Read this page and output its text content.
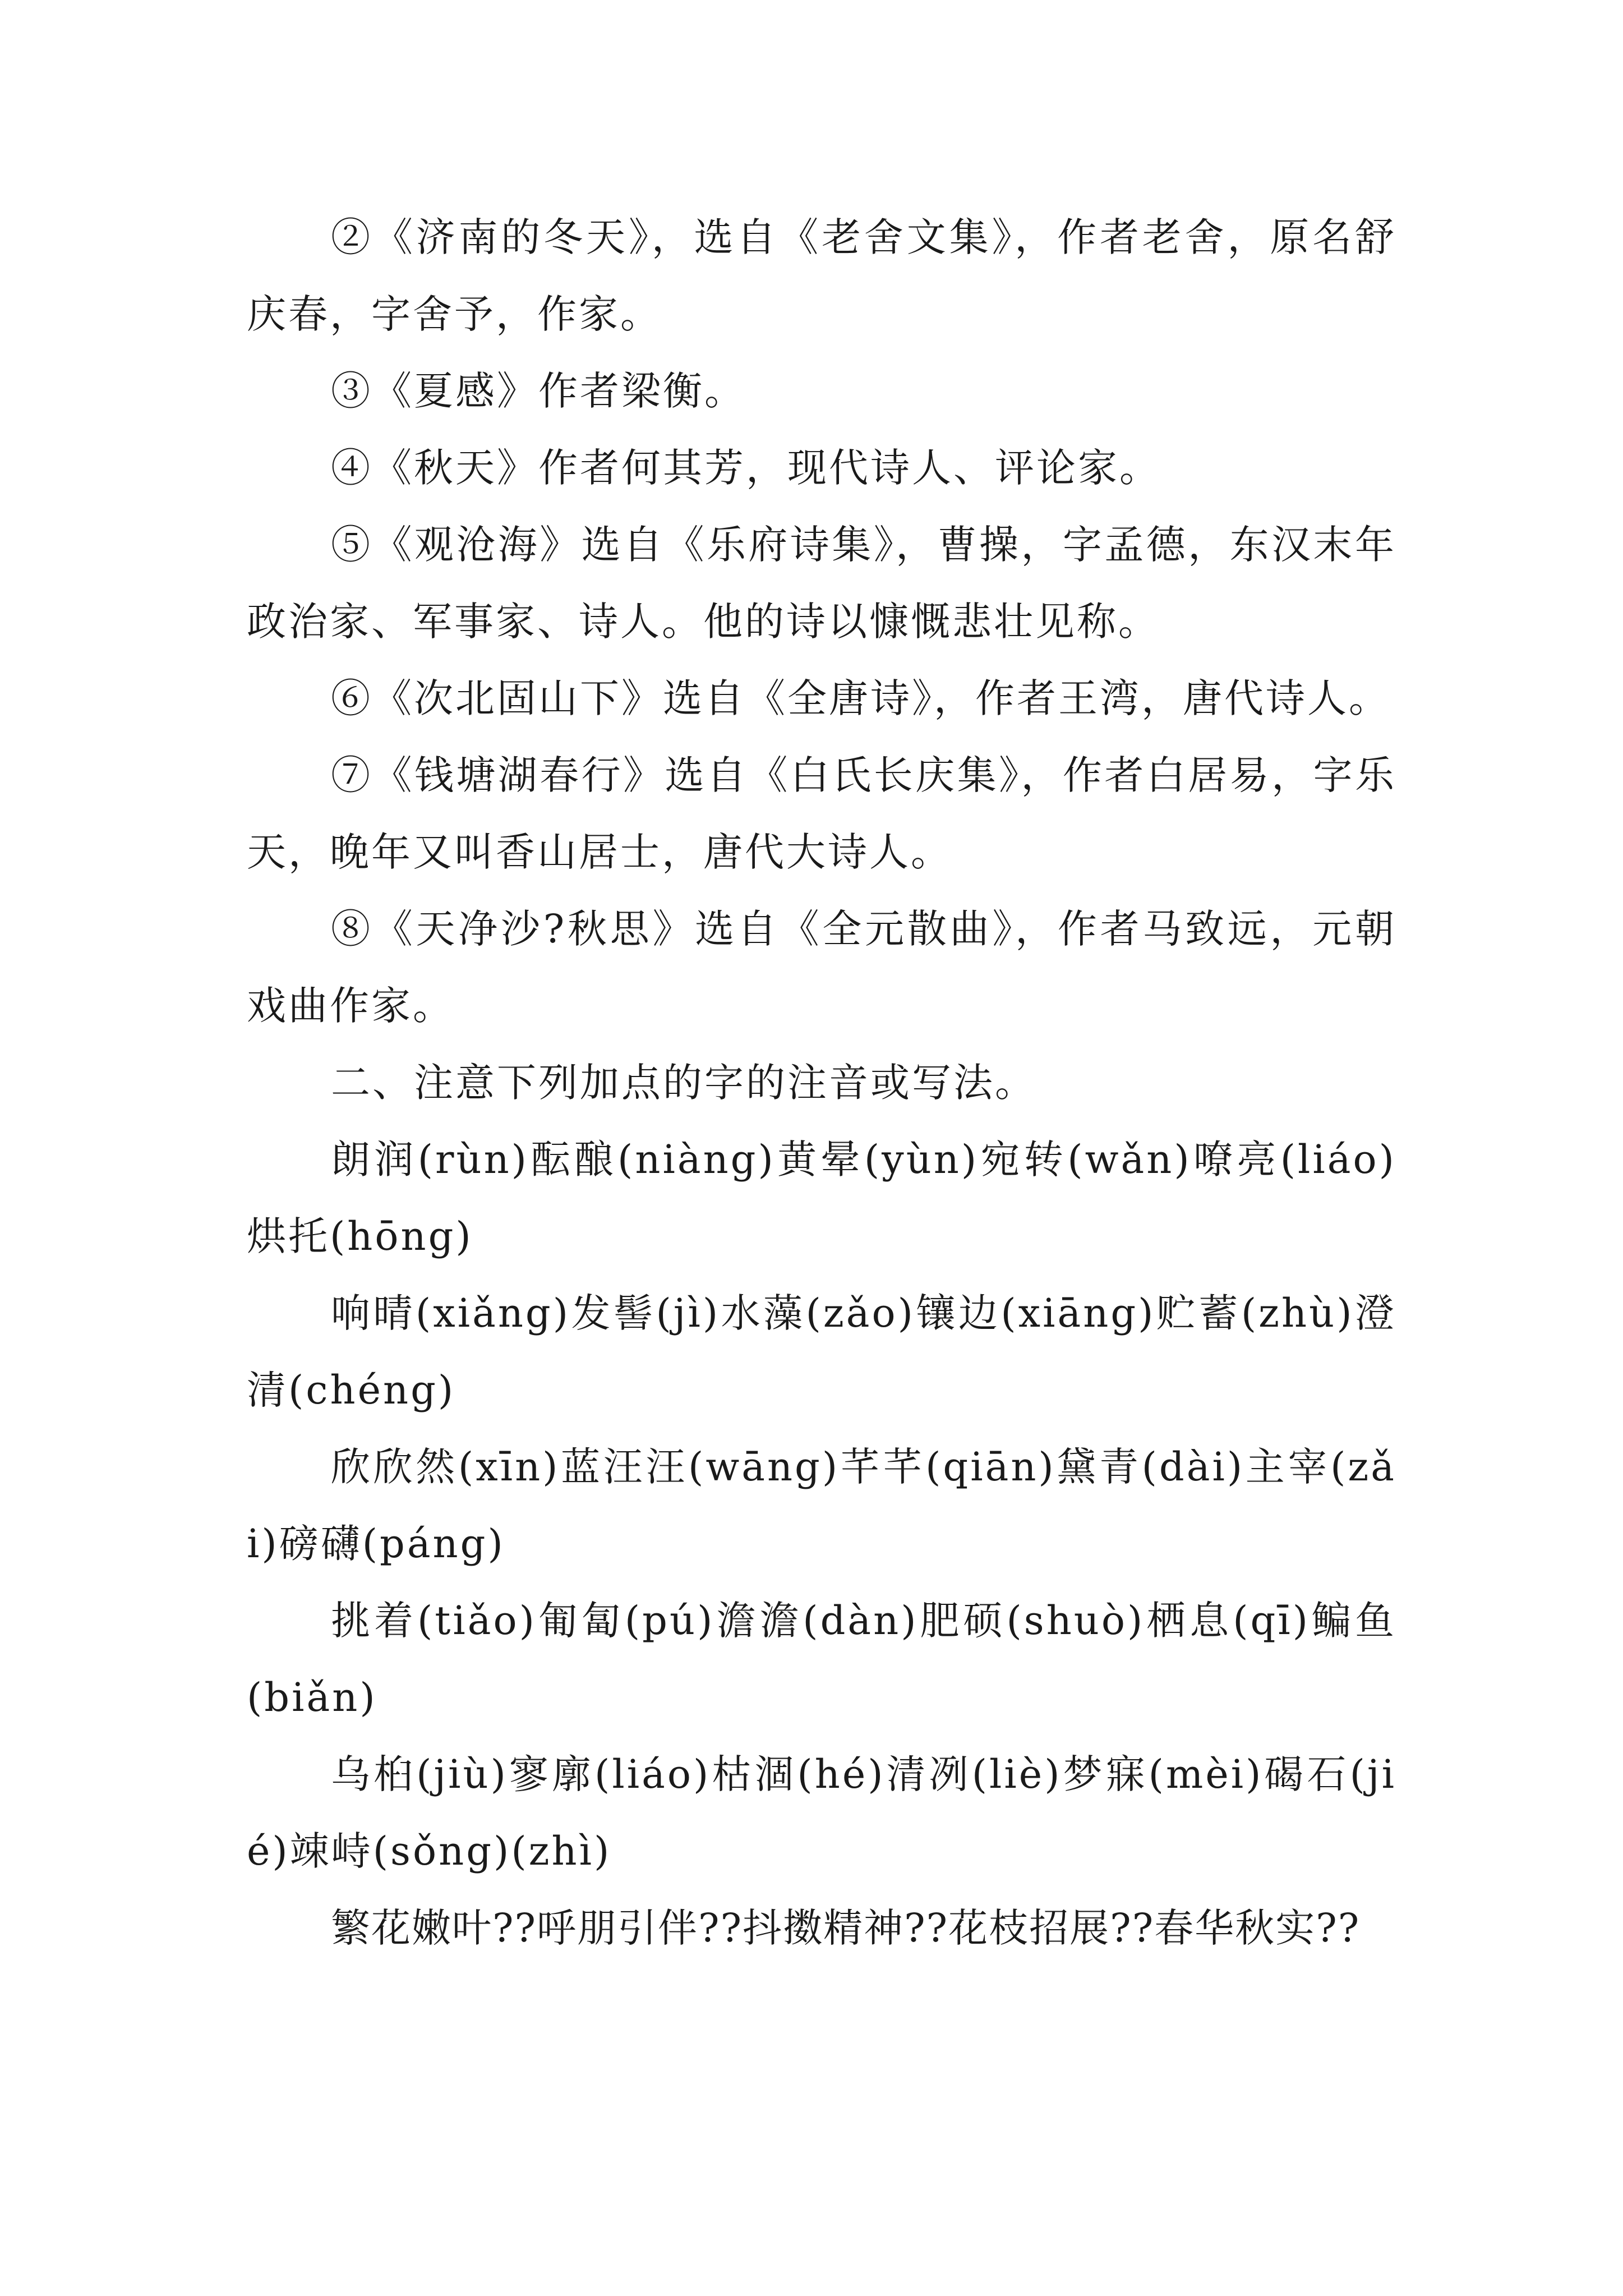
②《济南的冬天》，选自《老舍文集》，作者老舍，原名舒庆春，字舍予，作家。

③《夏感》作者梁衡。

④《秋天》作者何其芳，现代诗人、评论家。

⑤《观沧海》选自《乐府诗集》，曹操，字孟德，东汉末年政治家、军事家、诗人。他的诗以慷慨悲壮见称。

⑥《次北固山下》选自《全唐诗》，作者王湾，唐代诗人。

⑦《钱塘湖春行》选自《白氏长庆集》，作者白居易，字乐天，晚年又叫香山居士，唐代大诗人。

⑧《天净沙?秋思》选自《全元散曲》，作者马致远，元朝戏曲作家。

二、注意下列加点的字的注音或写法。

朗润(rùn)酝酿(niàng)黄晕(yùn)宛转(wǎn)嘹亮(liáo)烘托(hōng)

响晴(xiǎng)发髻(jì)水藻(zǎo)镶边(xiāng)贮蓄(zhù)澄清(chéng)

欣欣然(xīn)蓝汪汪(wāng)芊芊(qiān)黛青(dài)主宰(zǎi)磅礴(páng)

挑着(tiǎo)匍匐(pú)澹澹(dàn)肥硕(shuò)栖息(qī)鳊鱼(biǎn)

乌桕(jiù)寥廓(liáo)枯涸(hé)清冽(liè)梦寐(mèi)碣石(jié)竦峙(sǒng)(zhì)

繁花嫩叶??呼朋引伴??抖擞精神??花枝招展??春华秋实??
